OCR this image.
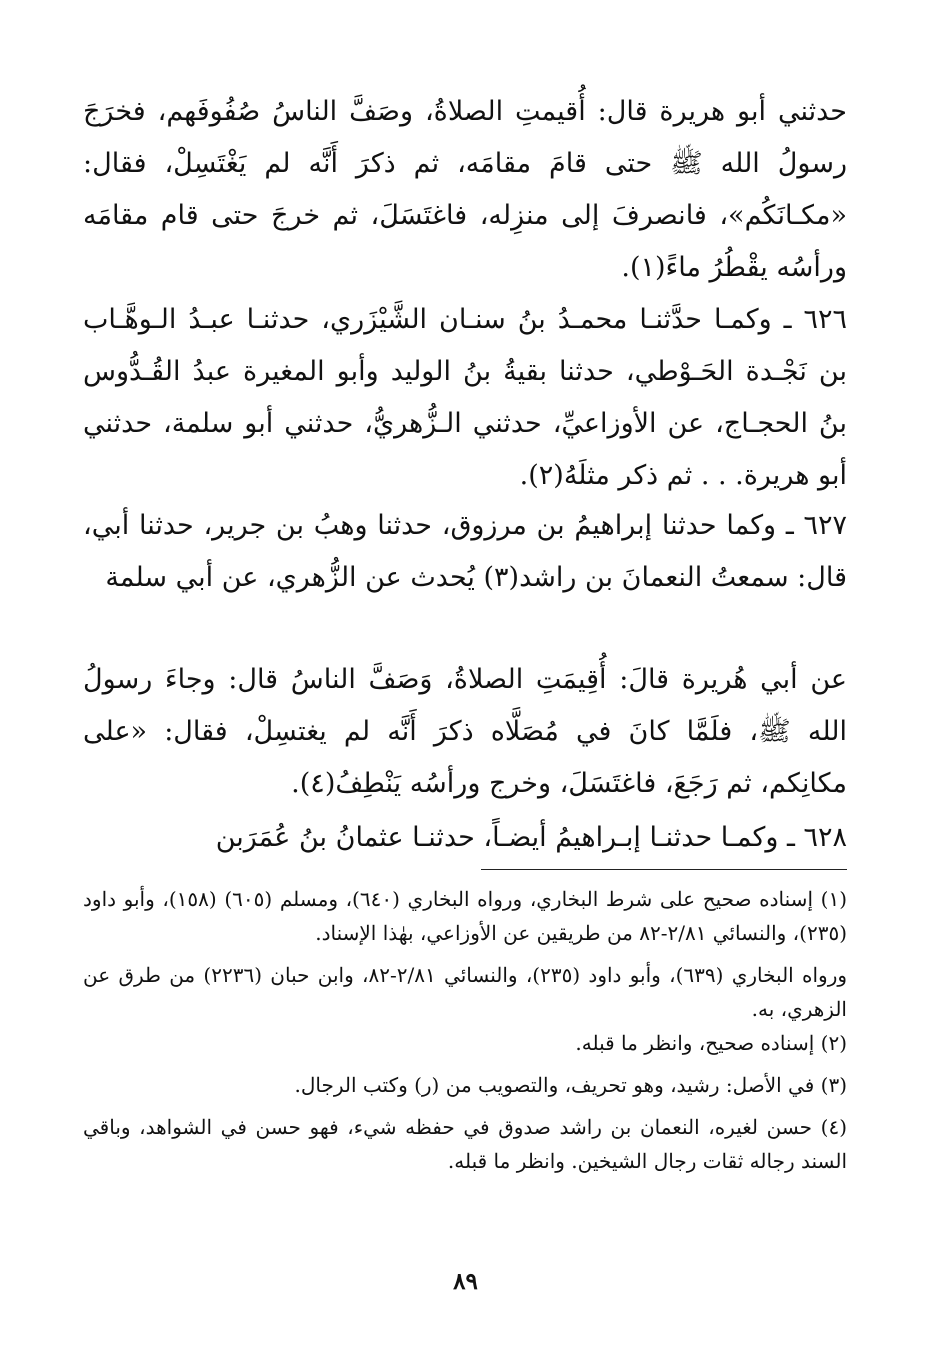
حدثني أبو هريرة قال: أُقيمتِ الصلاةُ، وصَفَّ الناسُ صُفُوفَهم، فخرَجَ رسولُ الله ﷺ حتى قامَ مقامَه، ثم ذكرَ أَنَّه لم يَغْتَسِلْ، فقال: «مكـانَكُم»، فانصرفَ إلى منزِله، فاغتَسَلَ، ثم خرجَ حتى قام مقامَه ورأسُه يقْطُرُ ماءً(١).

٦٢٦ ـ وكمـا حدَّثنـا محمـدُ بنُ سنـان الشَّيْزَري، حدثنـا عبـدُ الـوهَّـاب بن نَجْـدة الحَـوْطي، حدثنا بقيةُ بنُ الوليد وأبو المغيرة عبدُ القُـدُّوس بنُ الحجـاج، عن الأوزاعيِّ، حدثني الـزُّهريُّ، حدثني أبو سلمة، حدثني أبو هريرة. . . ثم ذكر مثلَهُ(٢).

٦٢٧ ـ وكما حدثنا إبراهيمُ بن مرزوق، حدثنا وهبُ بن جرير، حدثنا أبي، قال: سمعتُ النعمانَ بن راشد(٣) يُحدث عن الزُّهري، عن أبي سلمة

عن أبي هُريرة قالَ: أُقِيمَتِ الصلاةُ، وَصَفَّ الناسُ قال: وجاءَ رسولُ الله ﷺ، فلَمَّا كانَ في مُصَلَّاه ذكرَ أَنَّه لم يغتسِلْ، فقال: «على مكانِكم، ثم رَجَعَ، فاغتَسَلَ، وخرج ورأسُه يَنْطِفُ(٤).

٦٢٨ ـ وكمـا حدثنـا إبـراهيمُ أيضـاً، حدثنـا عثمانُ بنُ عُمَرَبن

(١) إسناده صحيح على شرط البخاري، ورواه البخاري (٦٤٠)، ومسلم (٦٠٥) (١٥٨)، وأبو داود (٢٣٥)، والنسائي ٢/٨١-٨٢ من طريقين عن الأوزاعي، بهٰذا الإسناد.

ورواه البخاري (٦٣٩)، وأبو داود (٢٣٥)، والنسائي ٢/٨١-٨٢، وابن حبان (٢٢٣٦) من طرق عن الزهري، به.

(٢) إسناده صحيح، وانظر ما قبله.

(٣) في الأصل: رشيد، وهو تحريف، والتصويب من (ر) وكتب الرجال.

(٤) حسن لغيره، النعمان بن راشد صدوق في حفظه شيء، فهو حسن في الشواهد، وباقي السند رجاله ثقات رجال الشيخين. وانظر ما قبله.

٨٩
